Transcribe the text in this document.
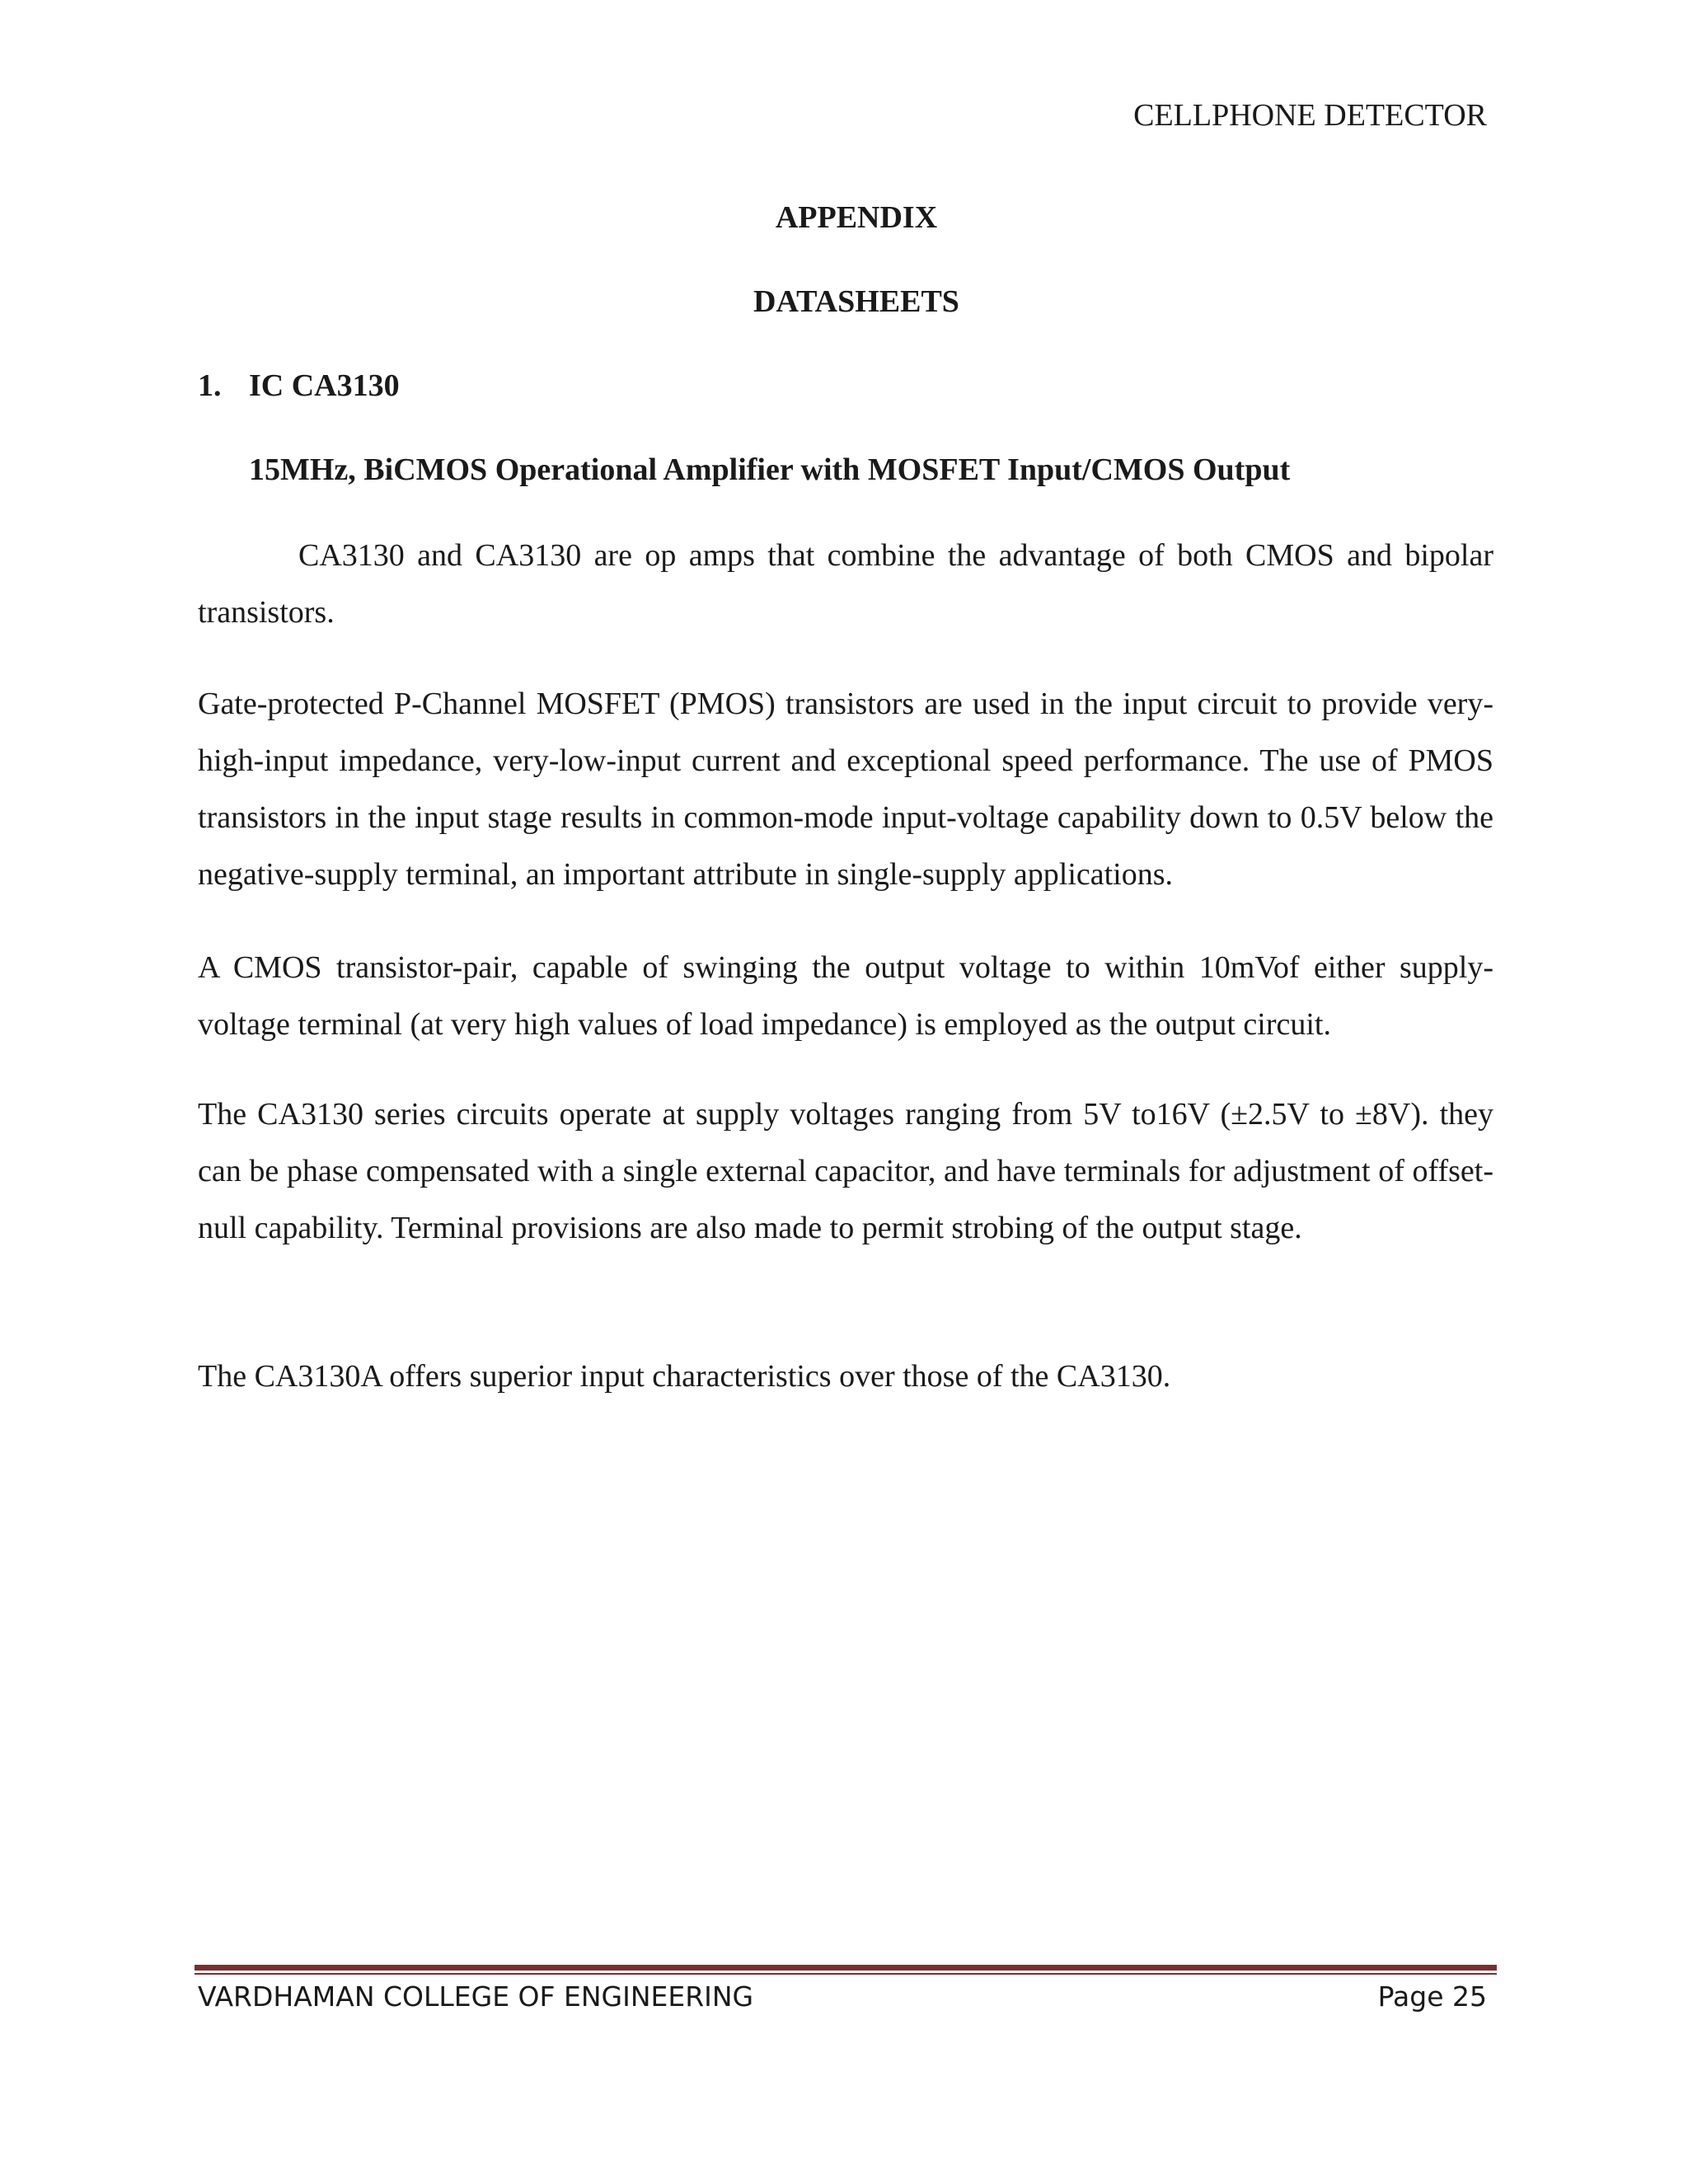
CELLPHONE DETECTOR
APPENDIX
DATASHEETS
1. IC CA3130
15MHz, BiCMOS Operational Amplifier with MOSFET Input/CMOS Output

CA3130 and CA3130 are op amps that combine the advantage of both CMOS and bipolar transistors.

Gate-protected P-Channel MOSFET (PMOS) transistors are used in the input circuit to provide very-high-input impedance, very-low-input current and exceptional speed performance. The use of PMOS transistors in the input stage results in common-mode input-voltage capability down to 0.5V below the negative-supply terminal, an important attribute in single-supply applications.

A CMOS transistor-pair, capable of swinging the output voltage to within 10mVof either supply-voltage terminal (at very high values of load impedance) is employed as the output circuit.

The CA3130 series circuits operate at supply voltages ranging from 5V to16V (±2.5V to ±8V). they can be phase compensated with a single external capacitor, and have terminals for adjustment of offset-null capability. Terminal provisions are also made to permit strobing of the output stage.

The CA3130A offers superior input characteristics over those of the CA3130.

VARDHAMAN COLLEGE OF ENGINEERING	Page 25
